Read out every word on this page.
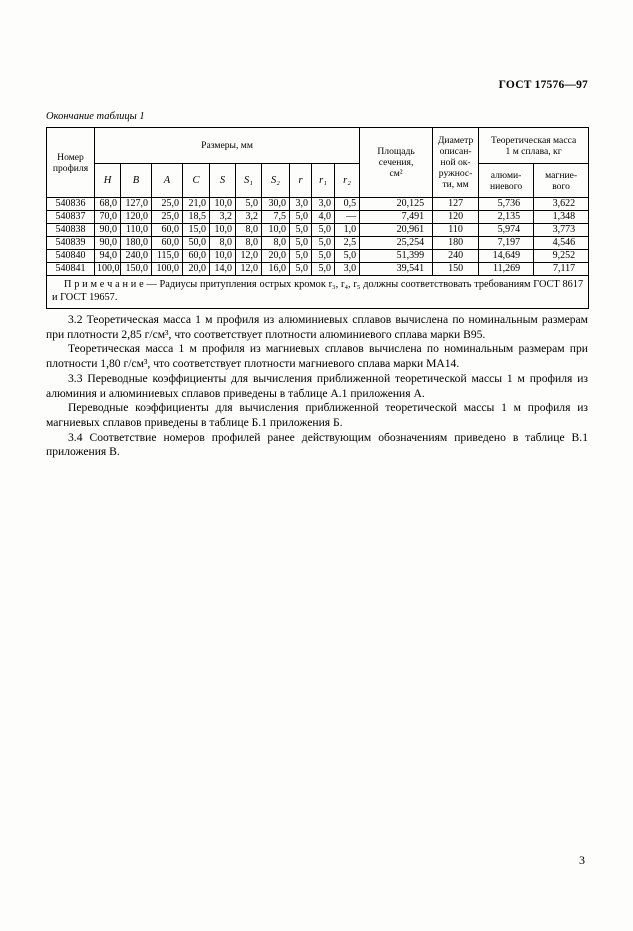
ГОСТ 17576—97
Окончание таблицы 1
Номер
профиля	Размеры, мм										Площадь
сечения,
см²	Диаметр
описан-
ной ок-
ружнос-
ти, мм	Теоретическая масса
1 м сплава, кг	
	H	B	A	C	S	S₁	S₂	r	r₁	r₂			алюми-
ниевого	магние-
вого
540836	68,0	127,0	25,0	21,0	10,0	5,0	30,0	3,0	3,0	0,5	20,125	127	5,736	3,622
540837	70,0	120,0	25,0	18,5	3,2	3,2	7,5	5,0	4,0	—	7,491	120	2,135	1,348
540838	90,0	110,0	60,0	15,0	10,0	8,0	10,0	5,0	5,0	1,0	20,961	110	5,974	3,773
540839	90,0	180,0	60,0	50,0	8,0	8,0	8,0	5,0	5,0	2,5	25,254	180	7,197	4,546
540840	94,0	240,0	115,0	60,0	10,0	12,0	20,0	5,0	5,0	5,0	51,399	240	14,649	9,252
540841	100,0	150,0	100,0	20,0	14,0	12,0	16,0	5,0	5,0	3,0	39,541	150	11,269	7,117
П р и м е ч а н и е — Радиусы притупления острых кромок r₃, r₄, r₅ должны соответствовать требованиям ГОСТ 8617 и ГОСТ 19657.														

3.2 Теоретическая масса 1 м профиля из алюминиевых сплавов вычислена по номинальным размерам при плотности 2,85 г/см³, что соответствует плотности алюминиевого сплава марки В95.

Теоретическая масса 1 м профиля из магниевых сплавов вычислена по номинальным размерам при плотности 1,80 г/см³, что соответствует плотности магниевого сплава марки МА14.

3.3 Переводные коэффициенты для вычисления приближенной теоретической массы 1 м профиля из алюминия и алюминиевых сплавов приведены в таблице А.1 приложения А.

Переводные коэффициенты для вычисления приближенной теоретической массы 1 м профиля из магниевых сплавов приведены в таблице Б.1 приложения Б.

3.4 Соответствие номеров профилей ранее действующим обозначениям приведено в таблице В.1 приложения В.

3
